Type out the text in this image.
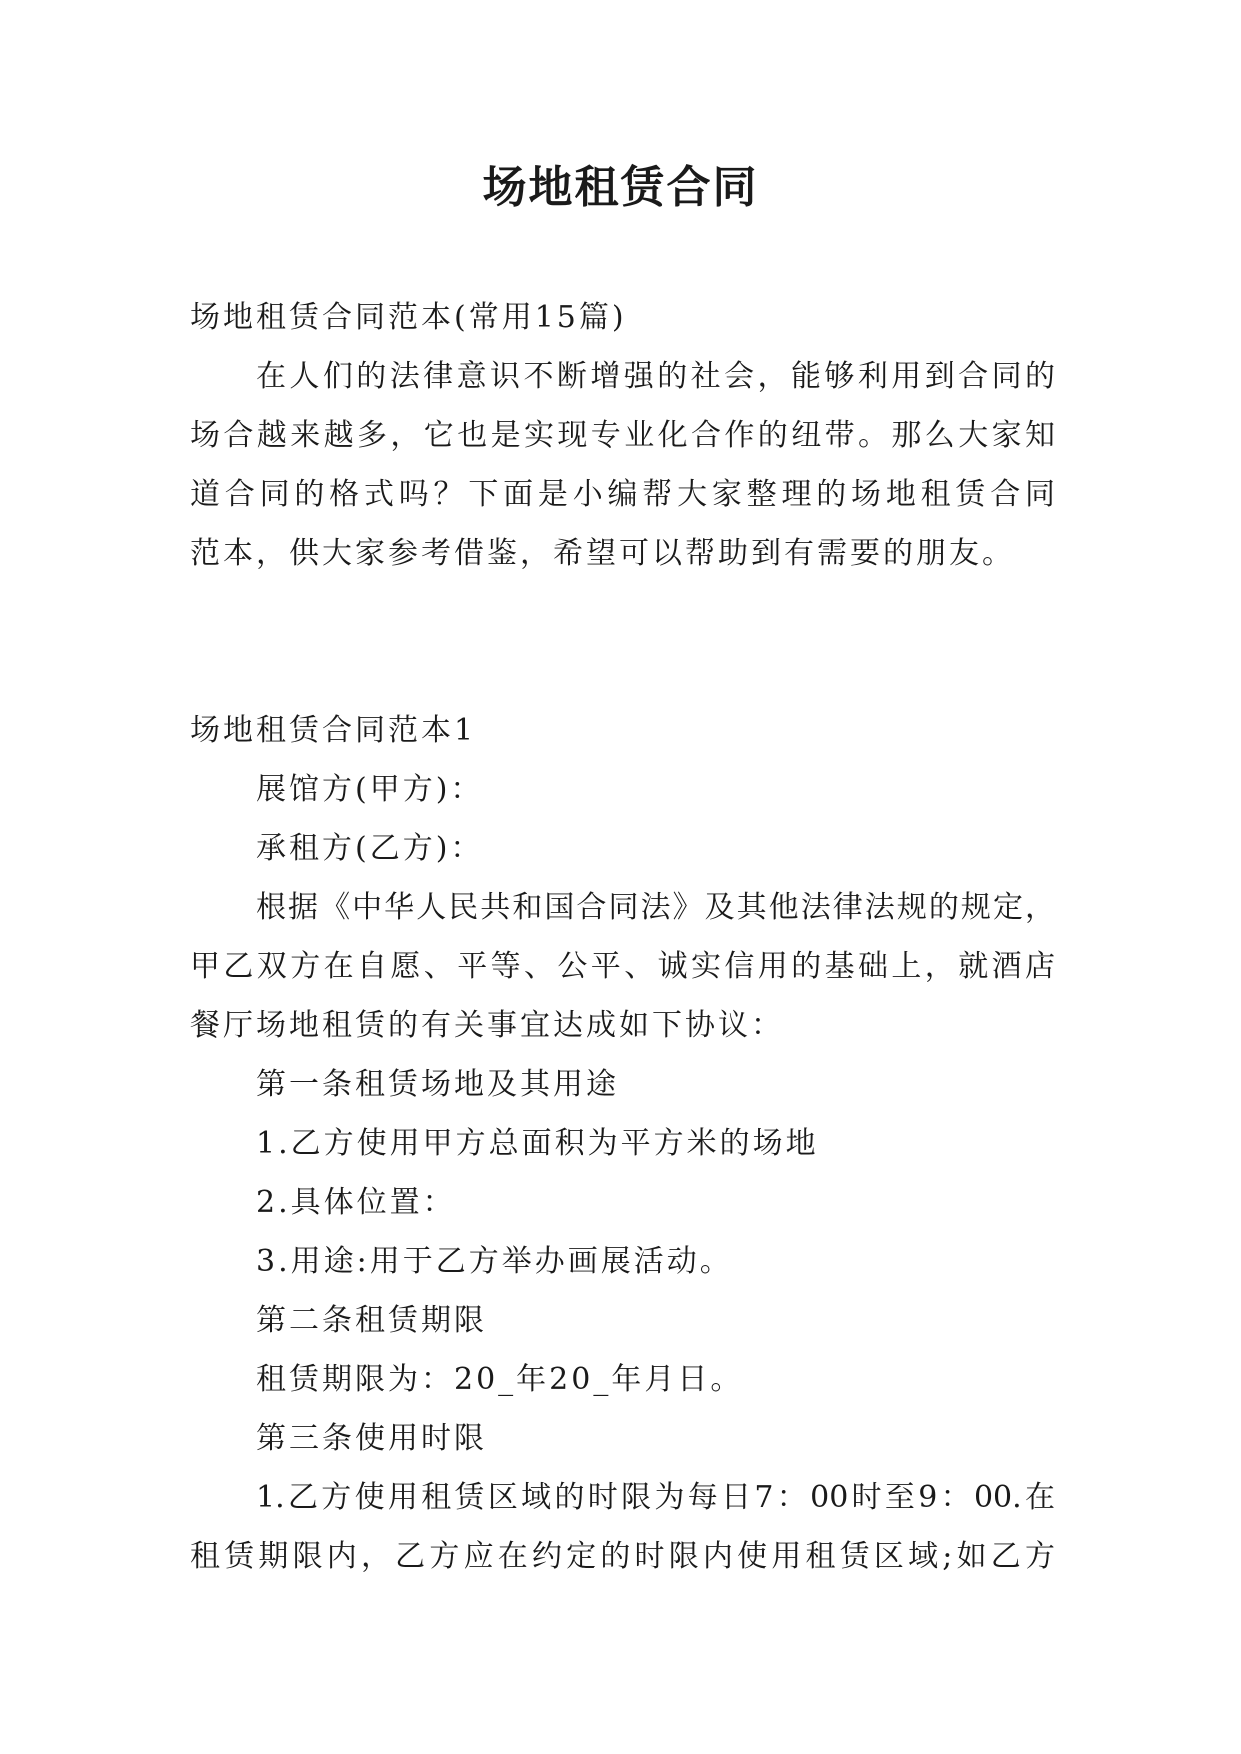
场地租赁合同
场地租赁合同范本(常用15篇)
在人们的法律意识不断增强的社会，能够利用到合同的
场合越来越多，它也是实现专业化合作的纽带。那么大家知
道合同的格式吗？下面是小编帮大家整理的场地租赁合同
范本，供大家参考借鉴，希望可以帮助到有需要的朋友。
场地租赁合同范本1
展馆方(甲方)：
承租方(乙方)：
根据《中华人民共和国合同法》及其他法律法规的规定，
甲乙双方在自愿、平等、公平、诚实信用的基础上，就酒店
餐厅场地租赁的有关事宜达成如下协议：
第一条租赁场地及其用途
1.乙方使用甲方总面积为平方米的场地
2.具体位置：
3.用途:用于乙方举办画展活动。
第二条租赁期限
租赁期限为：20_年20_年月日。
第三条使用时限
1.乙方使用租赁区域的时限为每日7：00时至9：00.在
租赁期限内，乙方应在约定的时限内使用租赁区域;如乙方
